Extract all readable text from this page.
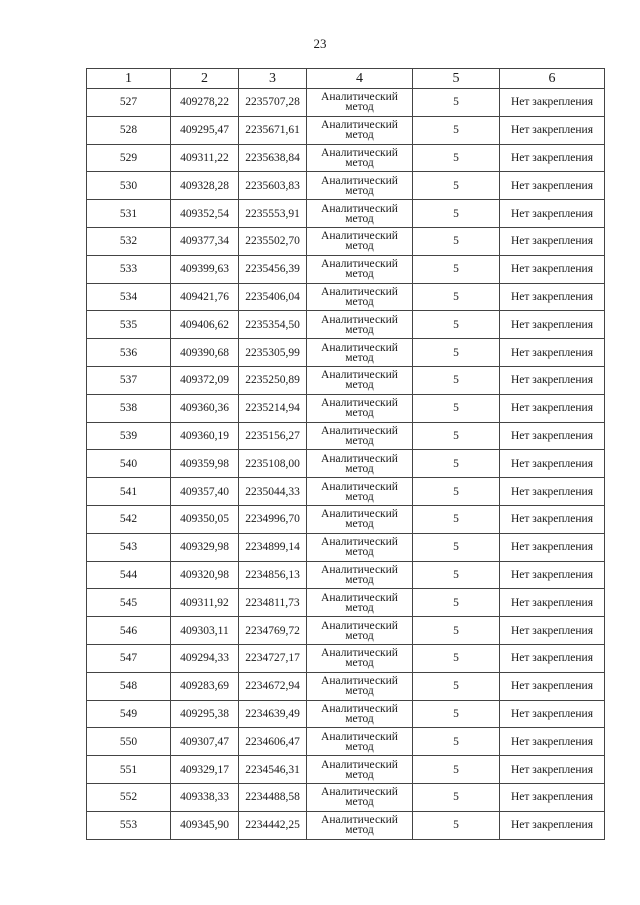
23
1	2	3	4	5	6
527	409278,22	2235707,28	Аналитический метод	5	Нет закрепления
528	409295,47	2235671,61	Аналитический метод	5	Нет закрепления
529	409311,22	2235638,84	Аналитический метод	5	Нет закрепления
530	409328,28	2235603,83	Аналитический метод	5	Нет закрепления
531	409352,54	2235553,91	Аналитический метод	5	Нет закрепления
532	409377,34	2235502,70	Аналитический метод	5	Нет закрепления
533	409399,63	2235456,39	Аналитический метод	5	Нет закрепления
534	409421,76	2235406,04	Аналитический метод	5	Нет закрепления
535	409406,62	2235354,50	Аналитический метод	5	Нет закрепления
536	409390,68	2235305,99	Аналитический метод	5	Нет закрепления
537	409372,09	2235250,89	Аналитический метод	5	Нет закрепления
538	409360,36	2235214,94	Аналитический метод	5	Нет закрепления
539	409360,19	2235156,27	Аналитический метод	5	Нет закрепления
540	409359,98	2235108,00	Аналитический метод	5	Нет закрепления
541	409357,40	2235044,33	Аналитический метод	5	Нет закрепления
542	409350,05	2234996,70	Аналитический метод	5	Нет закрепления
543	409329,98	2234899,14	Аналитический метод	5	Нет закрепления
544	409320,98	2234856,13	Аналитический метод	5	Нет закрепления
545	409311,92	2234811,73	Аналитический метод	5	Нет закрепления
546	409303,11	2234769,72	Аналитический метод	5	Нет закрепления
547	409294,33	2234727,17	Аналитический метод	5	Нет закрепления
548	409283,69	2234672,94	Аналитический метод	5	Нет закрепления
549	409295,38	2234639,49	Аналитический метод	5	Нет закрепления
550	409307,47	2234606,47	Аналитический метод	5	Нет закрепления
551	409329,17	2234546,31	Аналитический метод	5	Нет закрепления
552	409338,33	2234488,58	Аналитический метод	5	Нет закрепления
553	409345,90	2234442,25	Аналитический метод	5	Нет закрепления
